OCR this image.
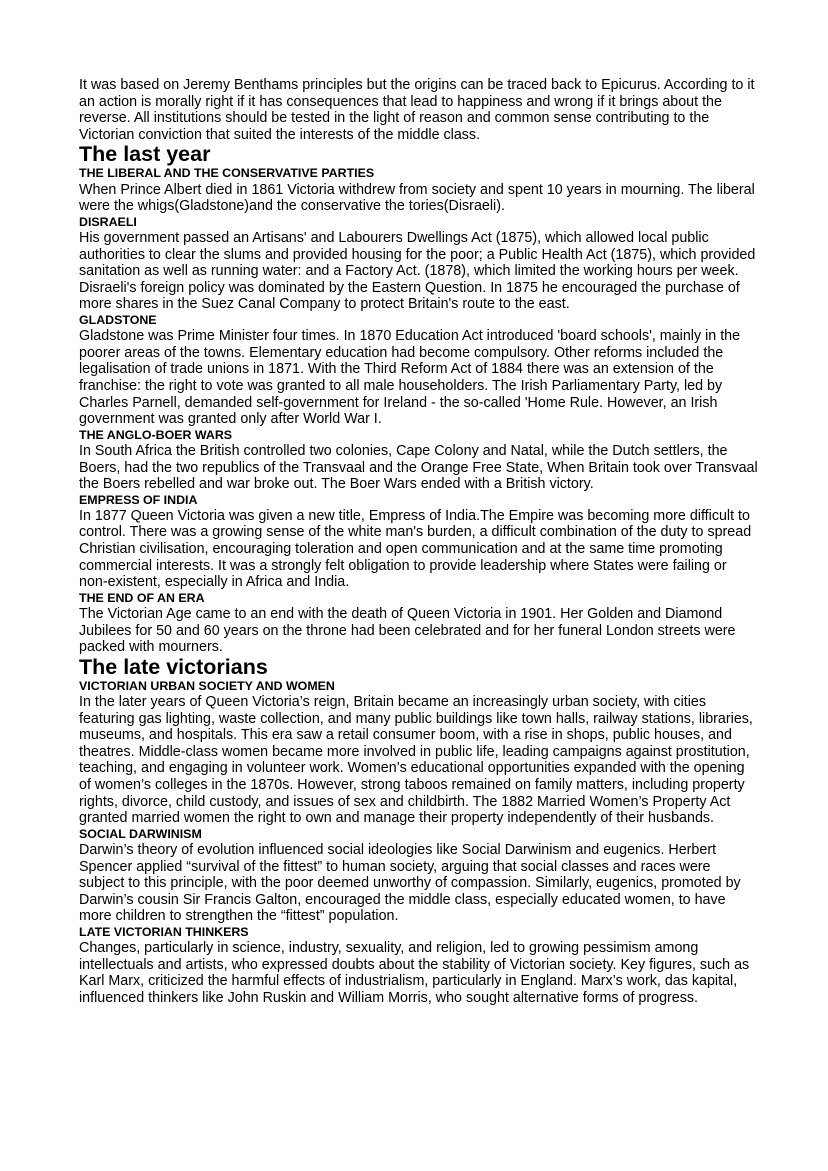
It was based on Jeremy Benthams principles but the origins can be traced back to Epicurus. According to it an action is morally right if it has consequences that lead to happiness and wrong if it brings about the reverse. All institutions should be tested in the light of reason and common sense contributing to the Victorian conviction that suited the interests of the middle class.

The last year
THE LIBERAL AND THE CONSERVATIVE PARTIES

When Prince Albert died in 1861 Victoria withdrew from society and spent 10 years in mourning. The liberal were the whigs(Gladstone)and the conservative the tories(Disraeli).

DISRAELI

His government passed an Artisans' and Labourers Dwellings Act (1875), which allowed local public authorities to clear the slums and provided housing for the poor; a Public Health Act (1875), which provided sanitation as well as running water: and a Factory Act. (1878), which limited the working hours per week. Disraeli's foreign policy was dominated by the Eastern Question. In 1875 he encouraged the purchase of more shares in the Suez Canal Company to protect Britain's route to the east.

GLADSTONE

Gladstone was Prime Minister four times. In 1870 Education Act introduced 'board schools', mainly in the poorer areas of the towns. Elementary education had become compulsory. Other reforms included the legalisation of trade unions in 1871. With the Third Reform Act of 1884 there was an extension of the franchise: the right to vote was granted to all male householders. The Irish Parliamentary Party, led by Charles Parnell, demanded self-government for Ireland - the so-called 'Home Rule. However, an Irish government was granted only after World War I.

THE ANGLO-BOER WARS

In South Africa the British controlled two colonies, Cape Colony and Natal, while the Dutch settlers, the Boers, had the two republics of the Transvaal and the Orange Free State, When Britain took over Transvaal the Boers rebelled and war broke out. The Boer Wars ended with a British victory.

EMPRESS OF INDIA

In 1877 Queen Victoria was given a new title, Empress of India.The Empire was becoming more difficult to control. There was a growing sense of the white man's burden, a difficult combination of the duty to spread Christian civilisation, encouraging toleration and open communication and at the same time promoting commercial interests. It was a strongly felt obligation to provide leadership where States were failing or non-existent, especially in Africa and India.

THE END OF AN ERA

The Victorian Age came to an end with the death of Queen Victoria in 1901. Her Golden and Diamond Jubilees for 50 and 60 years on the throne had been celebrated and for her funeral London streets were packed with mourners.

The late victorians
VICTORIAN URBAN SOCIETY AND WOMEN

In the later years of Queen Victoria’s reign, Britain became an increasingly urban society, with cities featuring gas lighting, waste collection, and many public buildings like town halls, railway stations, libraries, museums, and hospitals. This era saw a retail consumer boom, with a rise in shops, public houses, and theatres. Middle-class women became more involved in public life, leading campaigns against prostitution, teaching, and engaging in volunteer work. Women’s educational opportunities expanded with the opening of women’s colleges in the 1870s. However, strong taboos remained on family matters, including property rights, divorce, child custody, and issues of sex and childbirth. The 1882 Married Women’s Property Act granted married women the right to own and manage their property independently of their husbands.

SOCIAL DARWINISM

Darwin’s theory of evolution influenced social ideologies like Social Darwinism and eugenics. Herbert Spencer applied “survival of the fittest” to human society, arguing that social classes and races were subject to this principle, with the poor deemed unworthy of compassion. Similarly, eugenics, promoted by Darwin’s cousin Sir Francis Galton, encouraged the middle class, especially educated women, to have more children to strengthen the “fittest” population.

LATE VICTORIAN THINKERS

Changes, particularly in science, industry, sexuality, and religion, led to growing pessimism among intellectuals and artists, who expressed doubts about the stability of Victorian society. Key figures, such as Karl Marx, criticized the harmful effects of industrialism, particularly in England. Marx’s work, das kapital, influenced thinkers like John Ruskin and William Morris, who sought alternative forms of progress.
